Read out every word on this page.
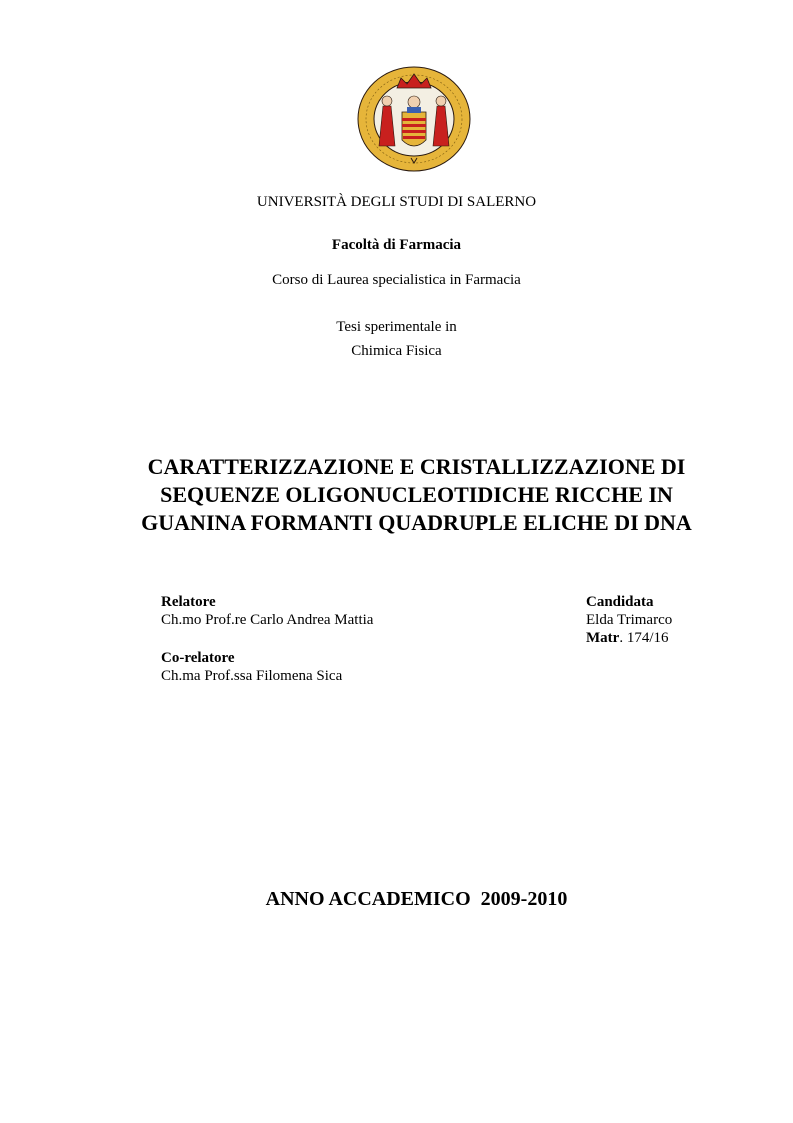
UNIVERSITÀ DEGLI STUDI DI SALERNO
Facoltà di Farmacia
Corso di Laurea specialistica in Farmacia
Tesi sperimentale in
Chimica Fisica
CARATTERIZZAZIONE E CRISTALLIZZAZIONE DI
SEQUENZE OLIGONUCLEOTIDICHE RICCHE IN
GUANINA FORMANTI QUADRUPLE ELICHE DI DNA
Relatore
Ch.mo Prof.re Carlo Andrea Mattia
Co-relatore
Ch.ma Prof.ssa Filomena Sica
Candidata
Elda Trimarco
Matr. 174/16
ANNO ACCADEMICO  2009-2010
